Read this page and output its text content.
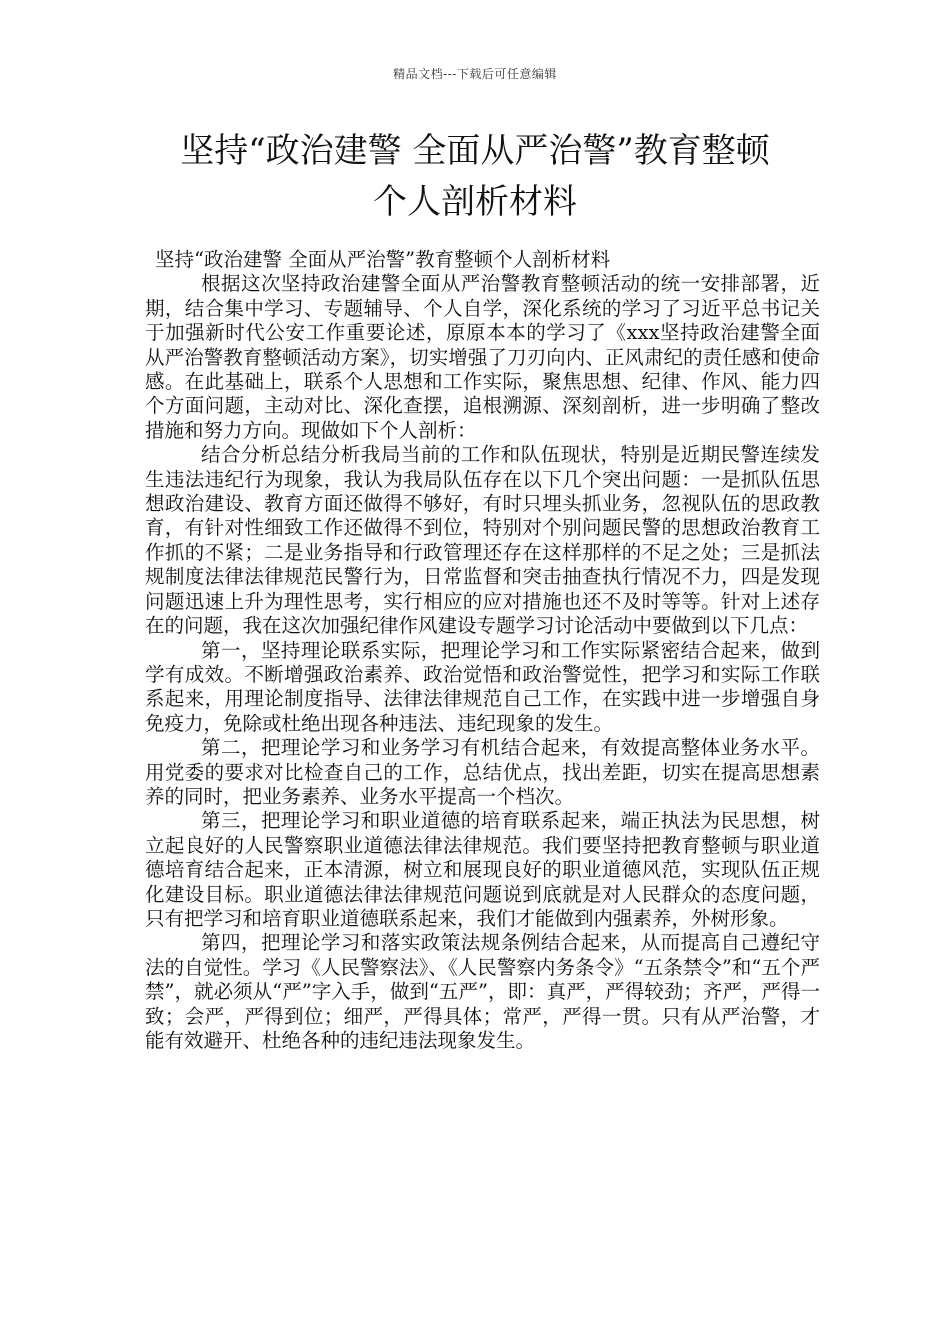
精品文档---下载后可任意编辑
坚持“政治建警 全面从严治警”教育整顿
个人剖析材料

坚持“政治建警 全面从严治警”教育整顿个人剖析材料

根据这次坚持政治建警全面从严治警教育整顿活动的统一安排部署，近期，结合集中学习、专题辅导、个人自学，深化系统的学习了习近平总书记关于加强新时代公安工作重要论述，原原本本的学习了《xxx坚持政治建警全面从严治警教育整顿活动方案》，切实增强了刀刃向内、正风肃纪的责任感和使命感。在此基础上，联系个人思想和工作实际，聚焦思想、纪律、作风、能力四个方面问题，主动对比、深化查摆，追根溯源、深刻剖析，进一步明确了整改措施和努力方向。现做如下个人剖析：

结合分析总结分析我局当前的工作和队伍现状，特别是近期民警连续发生违法违纪行为现象，我认为我局队伍存在以下几个突出问题：一是抓队伍思想政治建设、教育方面还做得不够好，有时只埋头抓业务，忽视队伍的思政教育，有针对性细致工作还做得不到位，特别对个别问题民警的思想政治教育工作抓的不紧；二是业务指导和行政管理还存在这样那样的不足之处；三是抓法规制度法律法律规范民警行为，日常监督和突击抽查执行情况不力，四是发现问题迅速上升为理性思考，实行相应的应对措施也还不及时等等。针对上述存在的问题，我在这次加强纪律作风建设专题学习讨论活动中要做到以下几点：

第一，坚持理论联系实际，把理论学习和工作实际紧密结合起来，做到学有成效。不断增强政治素养、政治觉悟和政治警觉性，把学习和实际工作联系起来，用理论制度指导、法律法律规范自己工作，在实践中进一步增强自身免疫力，免除或杜绝出现各种违法、违纪现象的发生。

第二，把理论学习和业务学习有机结合起来，有效提高整体业务水平。用党委的要求对比检查自己的工作，总结优点，找出差距，切实在提高思想素养的同时，把业务素养、业务水平提高一个档次。

第三，把理论学习和职业道德的培育联系起来，端正执法为民思想，树立起良好的人民警察职业道德法律法律规范。我们要坚持把教育整顿与职业道德培育结合起来，正本清源，树立和展现良好的职业道德风范，实现队伍正规化建设目标。职业道德法律法律规范问题说到底就是对人民群众的态度问题，只有把学习和培育职业道德联系起来，我们才能做到内强素养，外树形象。

第四，把理论学习和落实政策法规条例结合起来，从而提高自己遵纪守法的自觉性。学习《人民警察法》、《人民警察内务条令》“五条禁令”和“五个严禁”，就必须从“严”字入手，做到“五严”，即：真严，严得较劲；齐严，严得一致；会严，严得到位；细严，严得具体；常严，严得一贯。只有从严治警，才能有效避开、杜绝各种的违纪违法现象发生。
